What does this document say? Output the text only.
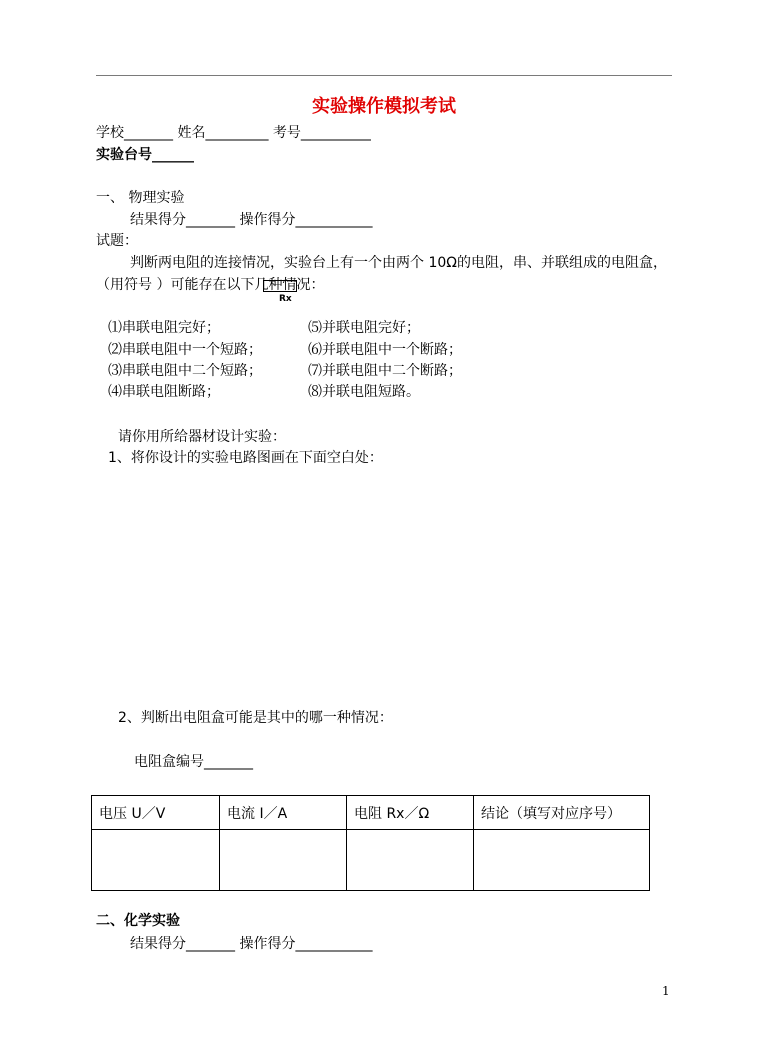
实验操作模拟考试
学校_______ 姓名_________ 考号__________
实验台号______
一、 物理实验
结果得分_______ 操作得分___________
试题：
判断两电阻的连接情况，实验台上有一个由两个 10Ω的电阻，串、并联组成的电阻盒，
（用符号 ）可能存在以下几种情况：
Rx
⑴串联电阻完好；
⑵串联电阻中一个短路；
⑶串联电阻中二个短路；
⑷串联电阻断路；
⑸并联电阻完好；
⑹并联电阻中一个断路；
⑺并联电阻中二个断路；
⑻并联电阻短路。
请你用所给器材设计实验：
1、将你设计的实验电路图画在下面空白处：
2、判断出电阻盒可能是其中的哪一种情况：
电阻盒编号_______
电压 U／V	电流 I／A	电阻 Rx／Ω	结论（填写对应序号）

二、化学实验
结果得分_______ 操作得分___________
1
